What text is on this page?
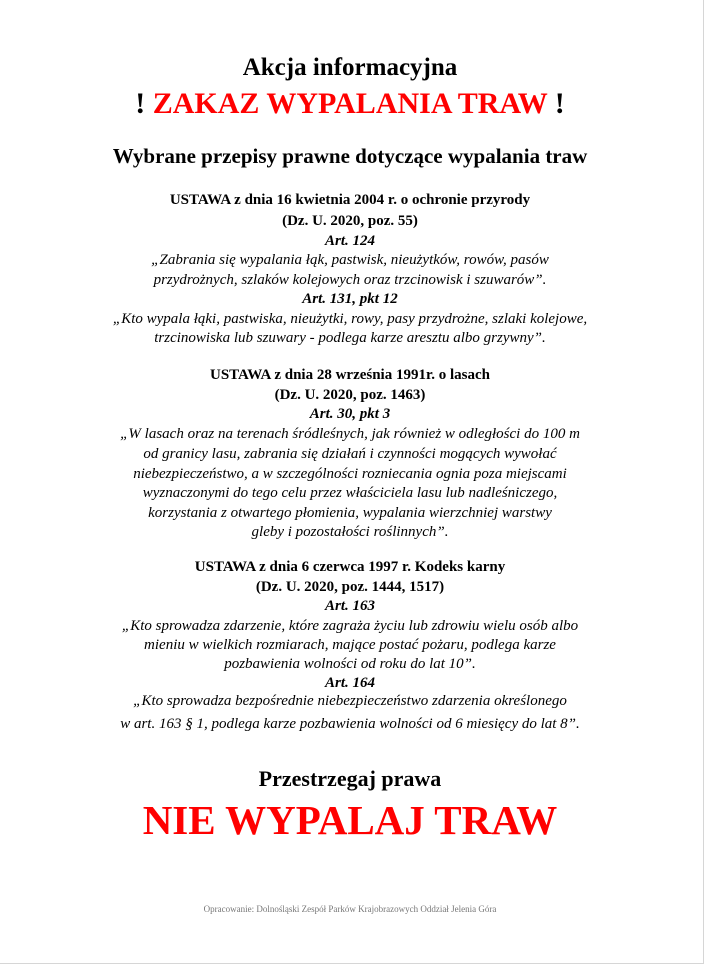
Akcja informacyjna
! ZAKAZ WYPALANIA TRAW !
Wybrane przepisy prawne dotyczące wypalania traw
USTAWA z dnia 16 kwietnia 2004 r. o ochronie przyrody
(Dz. U. 2020, poz. 55)
Art. 124
„Zabrania się wypalania łąk, pastwisk, nieużytków, rowów, pasów
przydrożnych, szlaków kolejowych oraz trzcinowisk i szuwarów”.
Art. 131, pkt 12
„Kto wypala łąki, pastwiska, nieużytki, rowy, pasy przydrożne, szlaki kolejowe,
trzcinowiska lub szuwary - podlega karze aresztu albo grzywny”.
USTAWA z dnia 28 września 1991r. o lasach
(Dz. U. 2020, poz. 1463)
Art. 30, pkt 3
„W lasach oraz na terenach śródleśnych, jak również w odległości do 100 m
od granicy lasu, zabrania się działań i czynności mogących wywołać
niebezpieczeństwo, a w szczególności rozniecania ognia poza miejscami
wyznaczonymi do tego celu przez właściciela lasu lub nadleśniczego,
korzystania z otwartego płomienia, wypalania wierzchniej warstwy
gleby i pozostałości roślinnych”.
USTAWA z dnia 6 czerwca 1997 r. Kodeks karny
(Dz. U. 2020, poz. 1444, 1517)
Art. 163
„Kto sprowadza zdarzenie, które zagraża życiu lub zdrowiu wielu osób albo
mieniu w wielkich rozmiarach, mające postać pożaru, podlega karze
pozbawienia wolności od roku do lat 10”.
Art. 164
„Kto sprowadza bezpośrednie niebezpieczeństwo zdarzenia określonego
w art. 163 § 1, podlega karze pozbawienia wolności od 6 miesięcy do lat 8”.
Przestrzegaj prawa
NIE WYPALAJ TRAW
Opracowanie: Dolnośląski Zespół Parków Krajobrazowych Oddział Jelenia Góra
